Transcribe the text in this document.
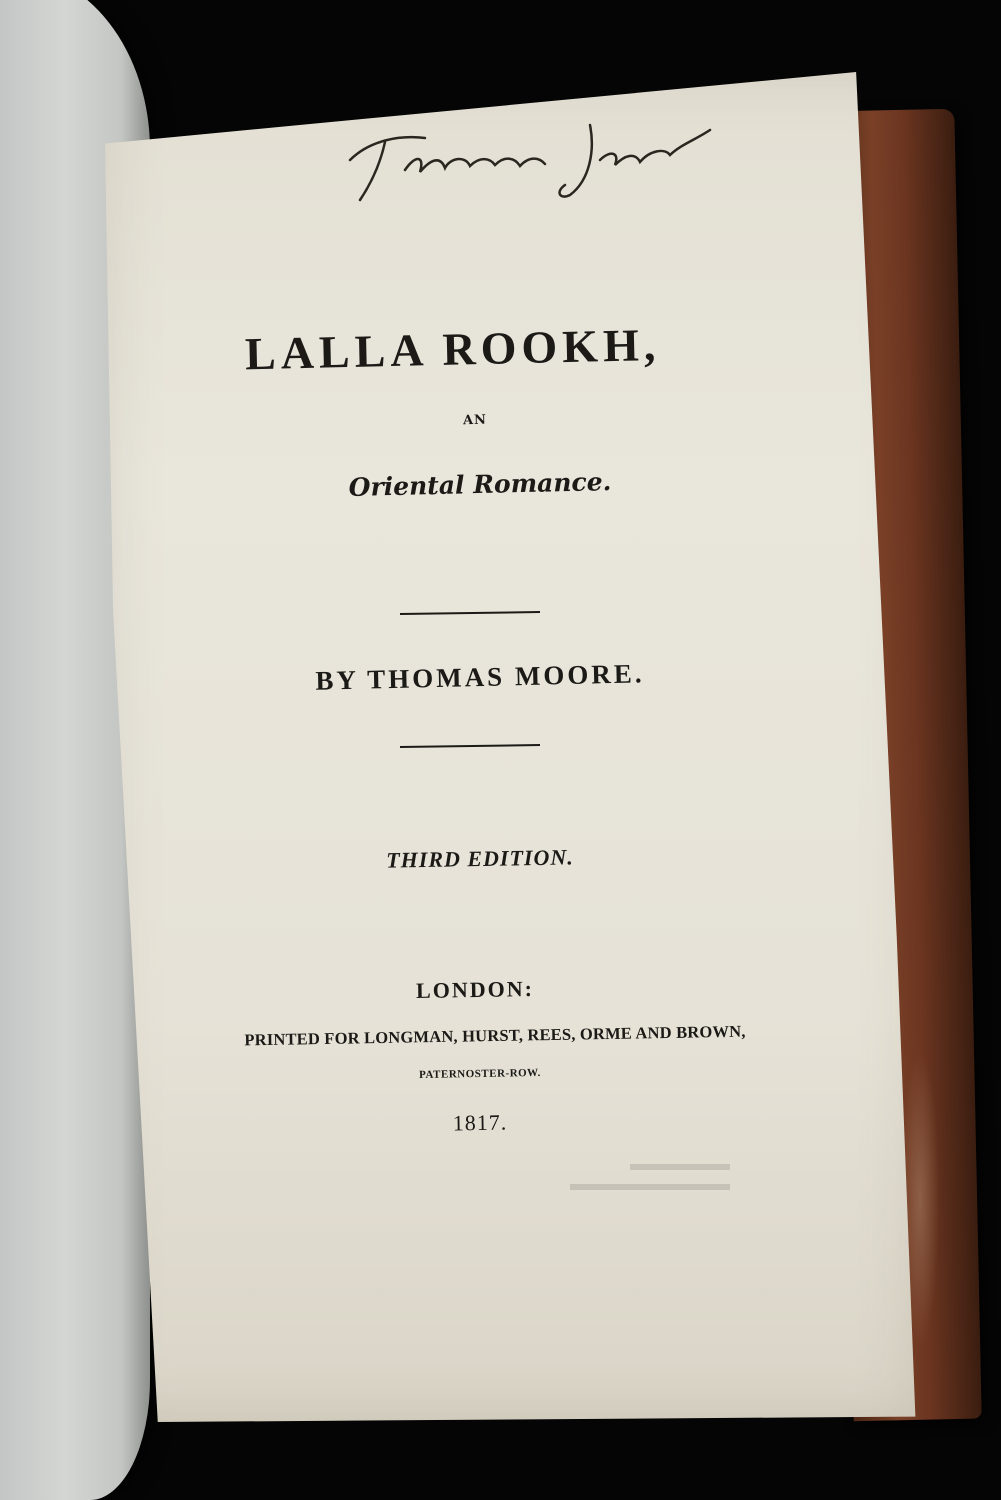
LALLA ROOKH,
AN
Oriental Romance.
BY THOMAS MOORE.
THIRD EDITION.
LONDON:
PRINTED FOR LONGMAN, HURST, REES, ORME AND BROWN,
PATERNOSTER-ROW.
1817.
